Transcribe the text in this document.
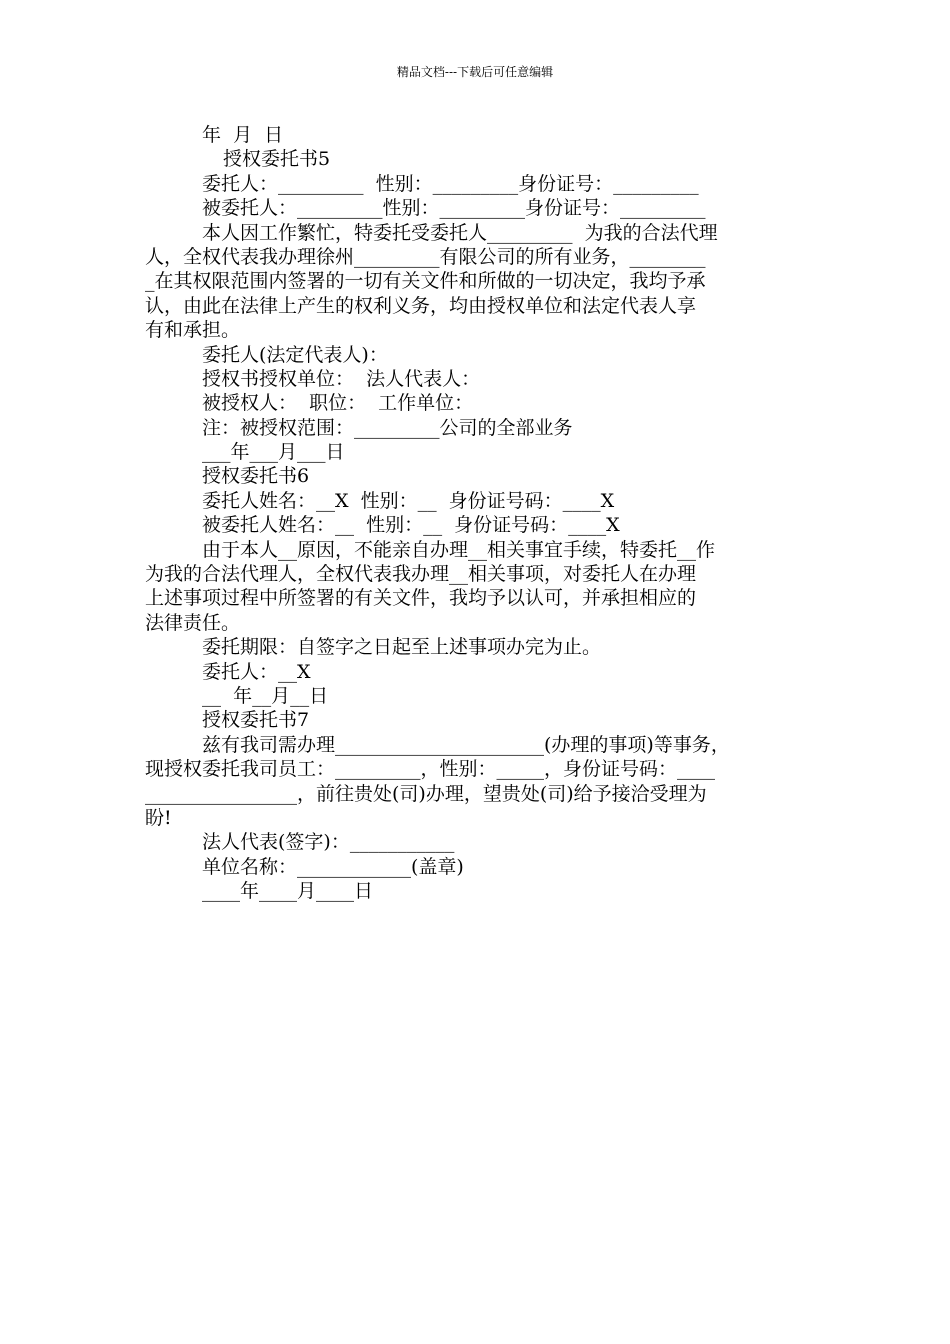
精品文档---下载后可任意编辑
年  月  日
授权委托书5
委托人：_________  性别：_________身份证号：_________
被委托人：_________性别：_________身份证号：_________
本人因工作繁忙，特委托受委托人_________  为我的合法代理
人，全权代表我办理徐州_________有限公司的所有业务，________
_在其权限范围内签署的一切有关文件和所做的一切决定，我均予承
认，由此在法律上产生的权利义务，均由授权单位和法定代表人享
有和承担。
委托人(法定代表人)：
授权书授权单位：  法人代表人：
被授权人：  职位：  工作单位：
注：被授权范围：_________公司的全部业务
___年___月___日
授权委托书6
委托人姓名：__X  性别：__  身份证号码：____X
被委托人姓名：__  性别：__  身份证号码：____X
由于本人__原因，不能亲自办理__相关事宜手续，特委托__作
为我的合法代理人，全权代表我办理__相关事项，对委托人在办理
上述事项过程中所签署的有关文件，我均予以认可，并承担相应的
法律责任。
委托期限：自签字之日起至上述事项办完为止。
委托人：__X
__  年__月__日
授权委托书7
兹有我司需办理______________________(办理的事项)等事务，
现授权委托我司员工：_________，性别：_____，身份证号码：____
________________，前往贵处(司)办理，望贵处(司)给予接洽受理为
盼!
法人代表(签字)：___________
单位名称：____________(盖章)
____年____月____日
